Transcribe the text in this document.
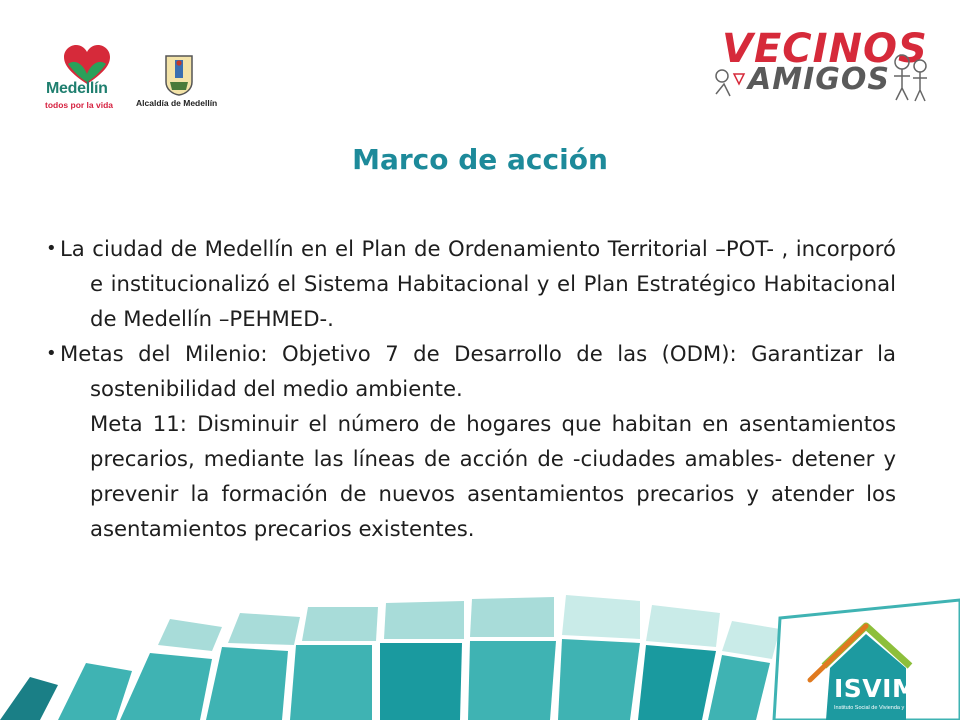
Medellín
todos por la vida	Alcaldía de Medellín
VECINOS
AMIGOS
Marco de acción

• La ciudad de Medellín en el Plan de Ordenamiento Territorial –POT- , incorporó e institucionalizó el Sistema Habitacional y el Plan Estratégico Habitacional de Medellín –PEHMED-.

• Metas del Milenio: Objetivo 7 de Desarrollo de las (ODM): Garantizar la sostenibilidad del medio ambiente.

Meta 11: Disminuir el número de hogares que habitan en asentamientos precarios, mediante las líneas de acción de -ciudades amables- detener y prevenir la formación de nuevos asentamientos precarios y atender los asentamientos precarios existentes.

ISVIMED
Instituto Social de Vivienda y Hábitat de Medellín
